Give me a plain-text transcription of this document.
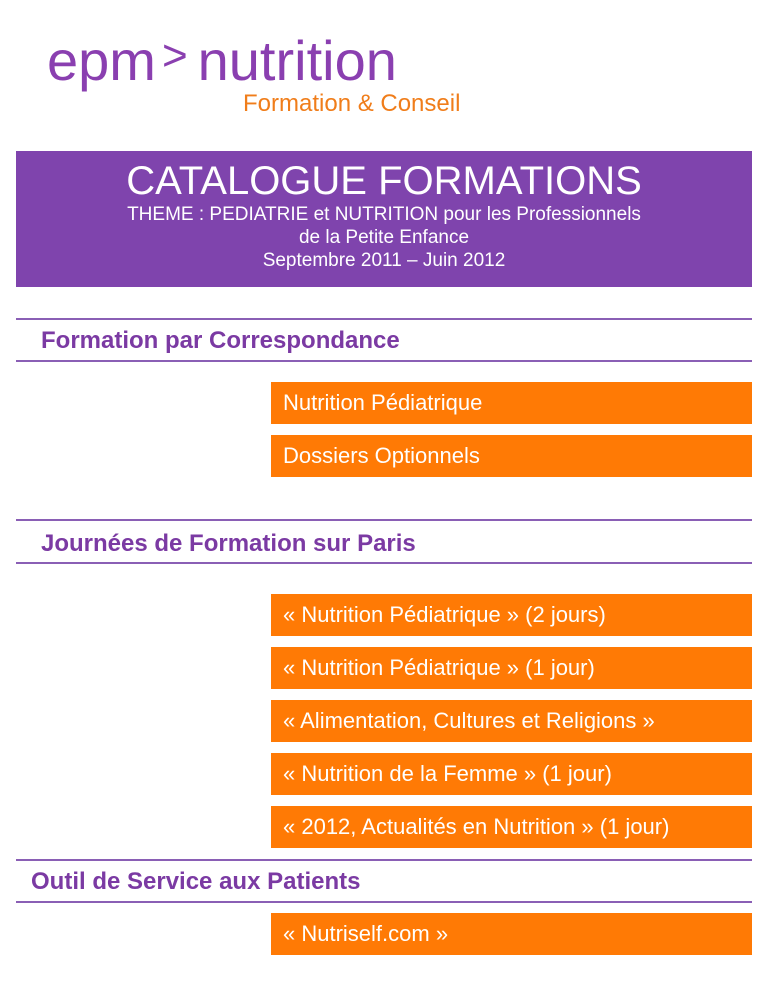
epm > nutrition
Formation & Conseil
CATALOGUE FORMATIONS
THEME : PEDIATRIE et NUTRITION pour les Professionnels
de la Petite Enfance
Septembre 2011 – Juin 2012
Formation par Correspondance
Nutrition Pédiatrique
Dossiers Optionnels
Journées de Formation sur Paris
« Nutrition Pédiatrique » (2 jours)
« Nutrition Pédiatrique » (1 jour)
« Alimentation, Cultures et Religions »
« Nutrition de la Femme » (1 jour)
« 2012, Actualités en Nutrition » (1 jour)
Outil de Service aux Patients
« Nutriself.com »
